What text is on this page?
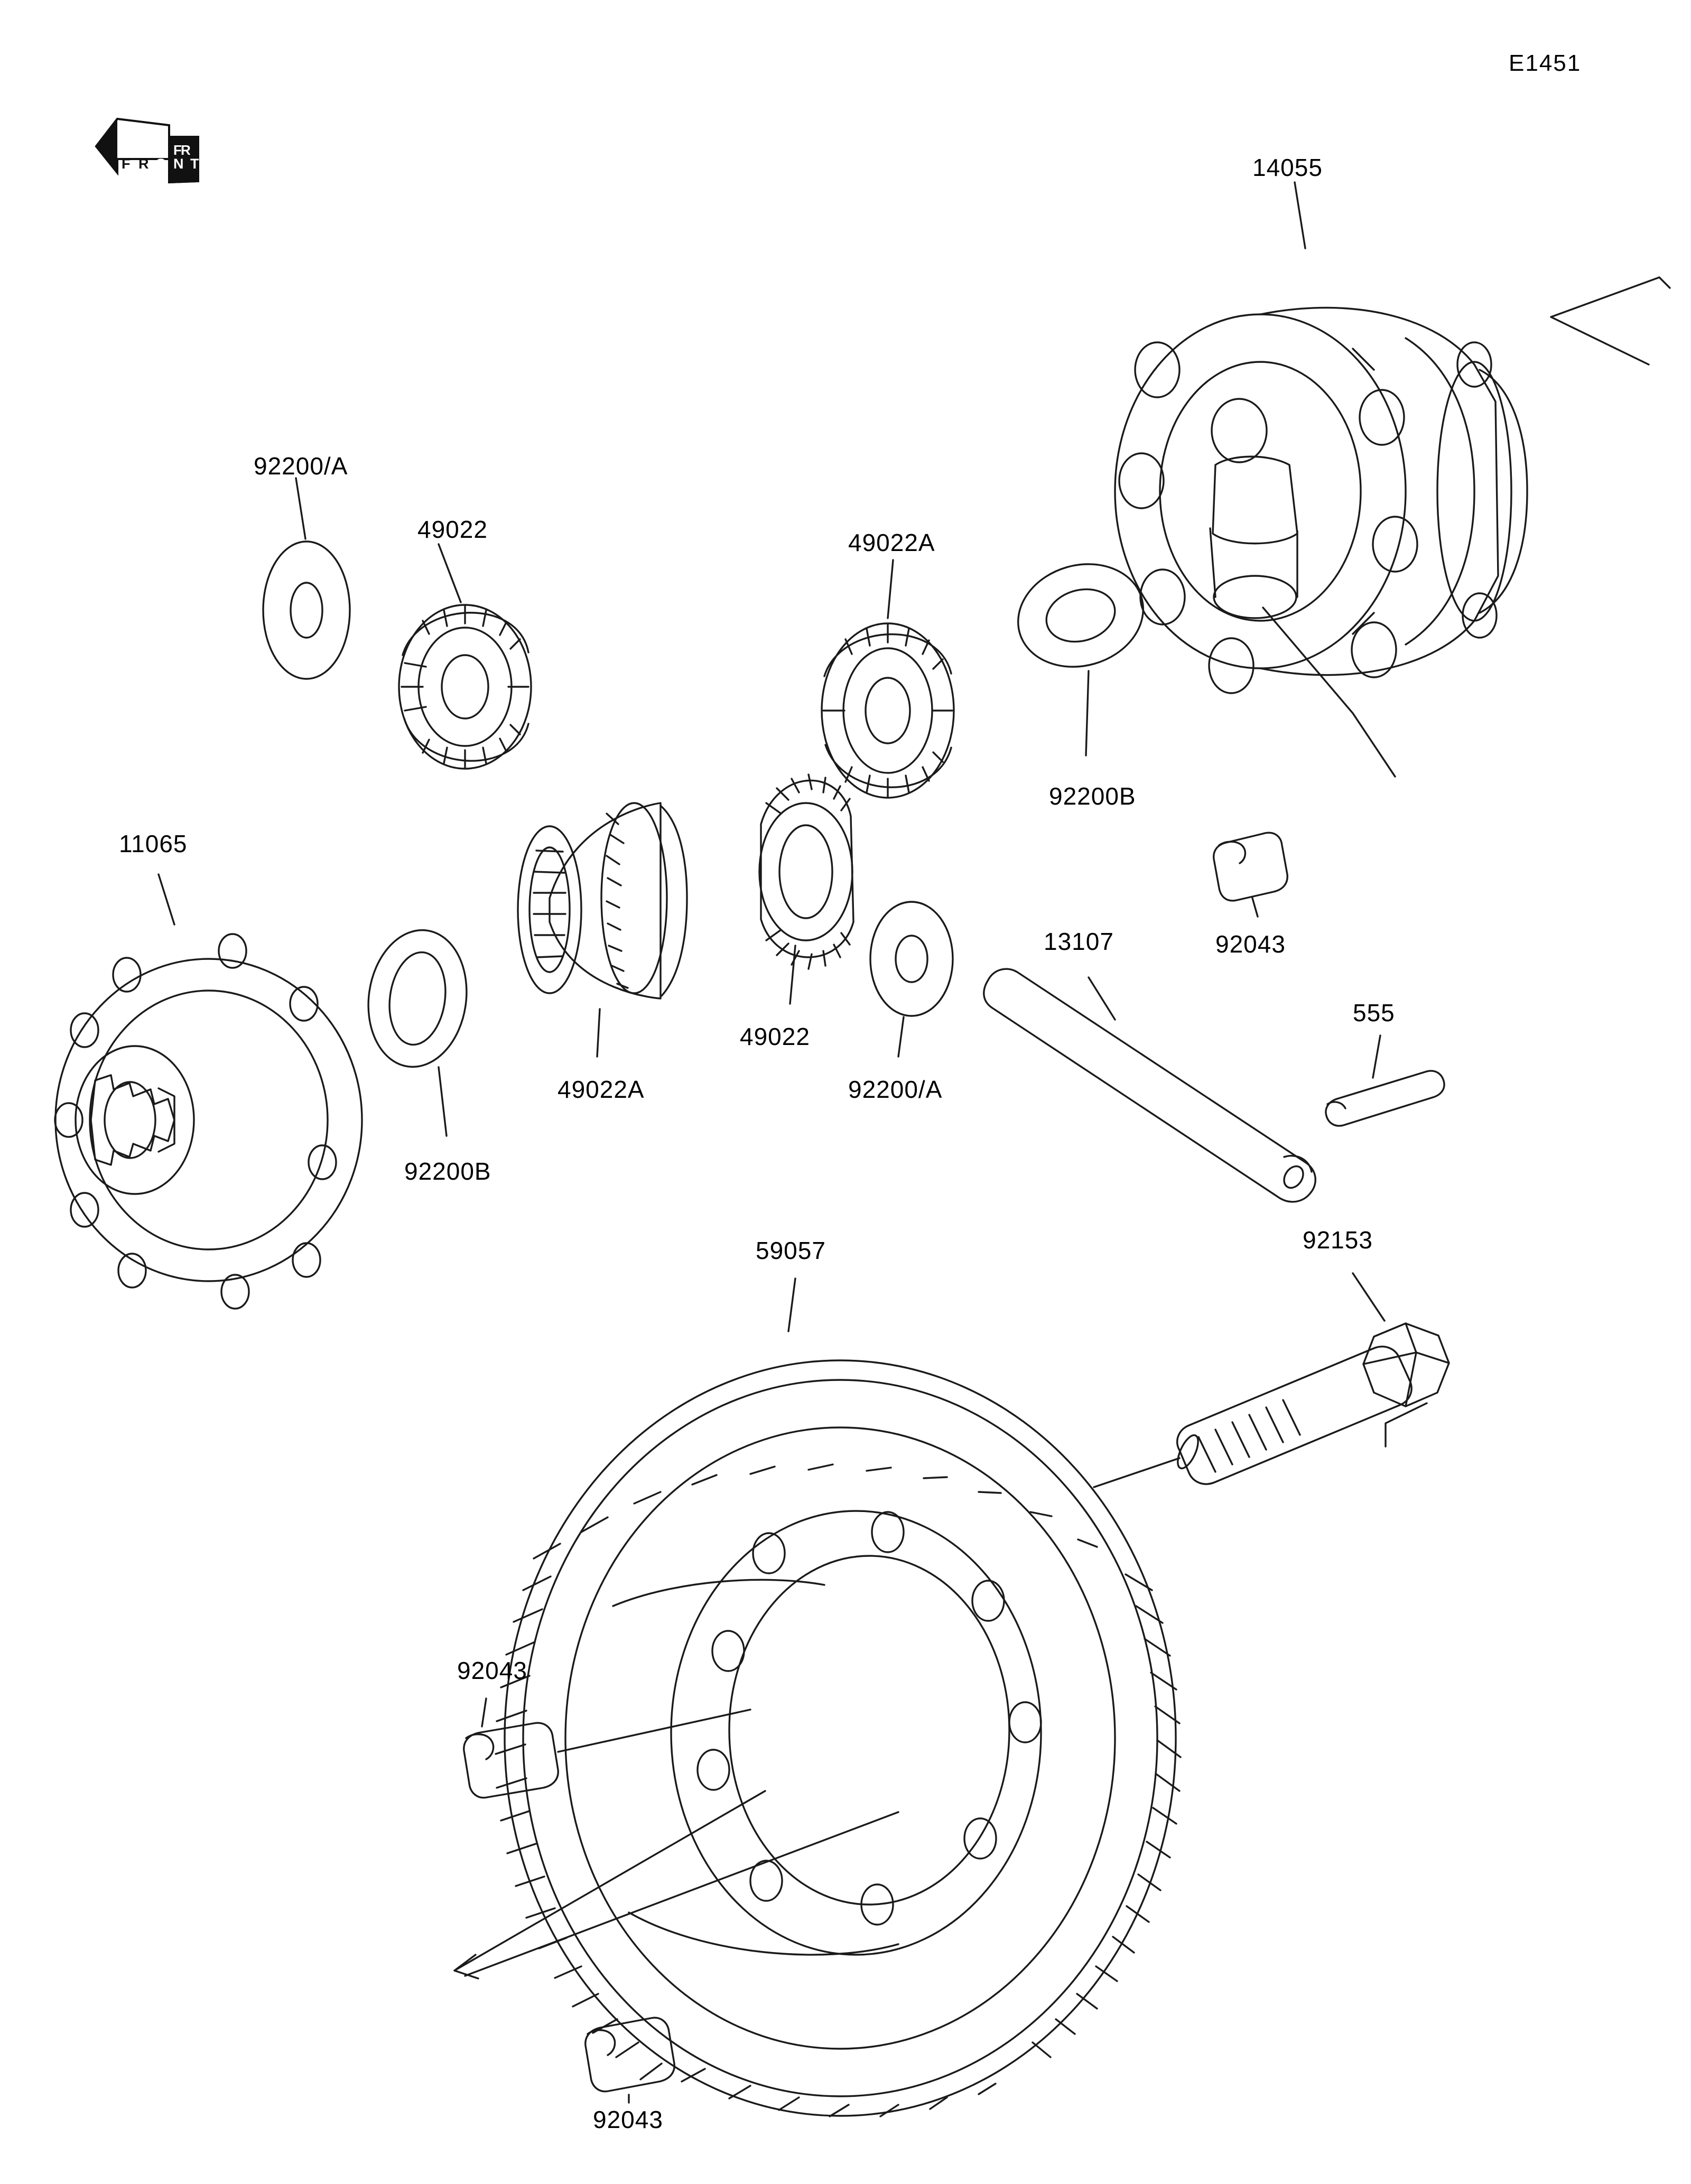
F
R
F R O N T
E1451
14055
92200/A
49022	49022A
92200B
92043
11065
49022A
49022
92200/A
92200B
13107
555
92153
59057
92043
92043
